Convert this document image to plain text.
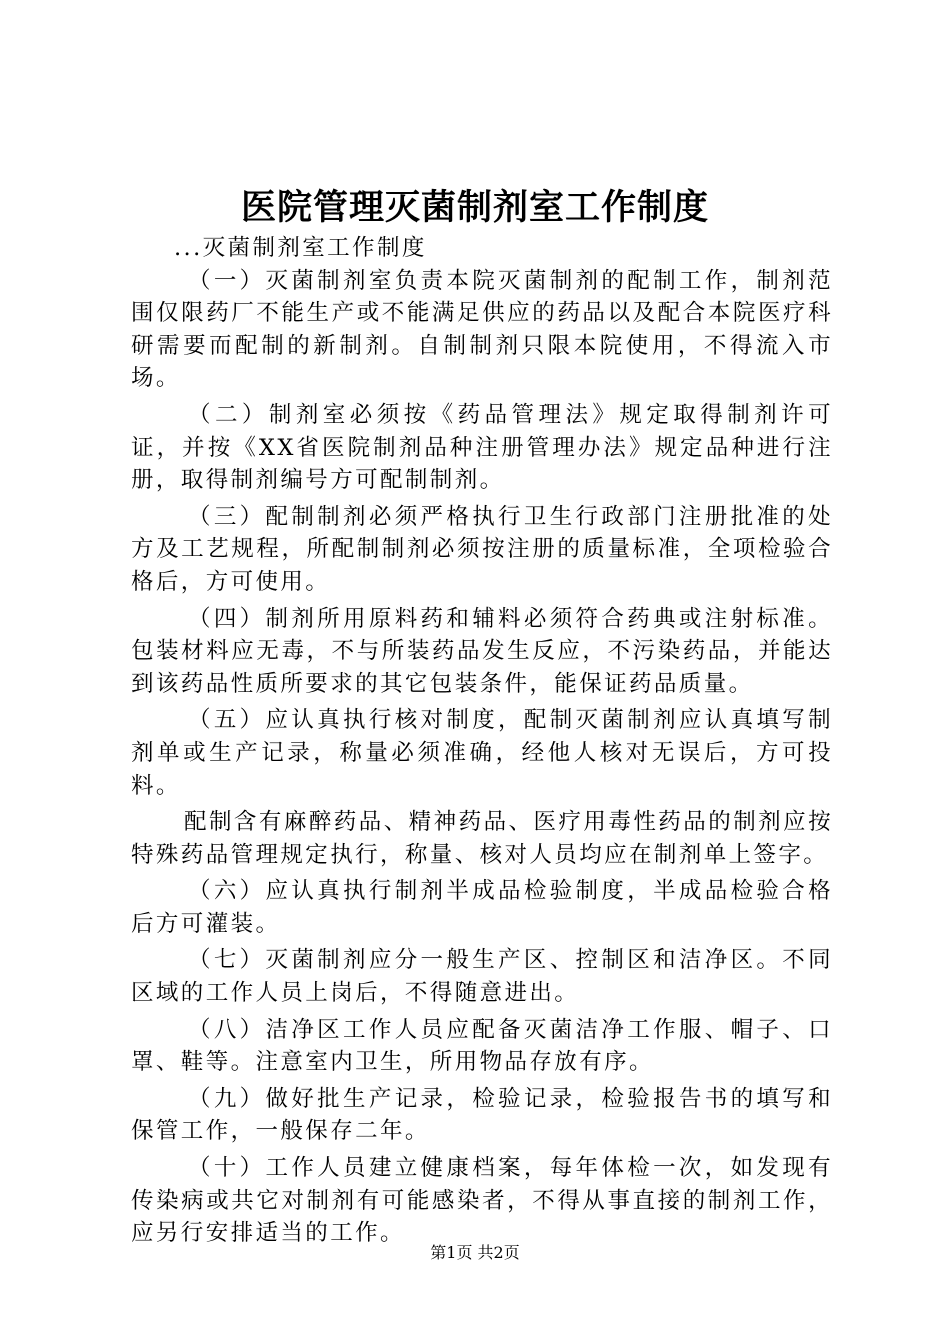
医院管理灭菌制剂室工作制度

...灭菌制剂室工作制度

（一）灭菌制剂室负责本院灭菌制剂的配制工作，制剂范围仅限药厂不能生产或不能满足供应的药品以及配合本院医疗科研需要而配制的新制剂。自制制剂只限本院使用，不得流入市场。

（二）制剂室必须按《药品管理法》规定取得制剂许可证，并按《XX省医院制剂品种注册管理办法》规定品种进行注册，取得制剂编号方可配制制剂。

（三）配制制剂必须严格执行卫生行政部门注册批准的处方及工艺规程，所配制制剂必须按注册的质量标准，全项检验合格后，方可使用。

（四）制剂所用原料药和辅料必须符合药典或注射标准。包装材料应无毒，不与所装药品发生反应，不污染药品，并能达到该药品性质所要求的其它包装条件，能保证药品质量。

（五）应认真执行核对制度，配制灭菌制剂应认真填写制剂单或生产记录，称量必须准确，经他人核对无误后，方可投料。

配制含有麻醉药品、精神药品、医疗用毒性药品的制剂应按特殊药品管理规定执行，称量、核对人员均应在制剂单上签字。

（六）应认真执行制剂半成品检验制度，半成品检验合格后方可灌装。

（七）灭菌制剂应分一般生产区、控制区和洁净区。不同区域的工作人员上岗后，不得随意进出。

（八）洁净区工作人员应配备灭菌洁净工作服、帽子、口罩、鞋等。注意室内卫生，所用物品存放有序。

（九）做好批生产记录，检验记录，检验报告书的填写和保管工作，一般保存二年。

（十）工作人员建立健康档案，每年体检一次，如发现有传染病或共它对制剂有可能感染者，不得从事直接的制剂工作，应另行安排适当的工作。

第1页 共2页
